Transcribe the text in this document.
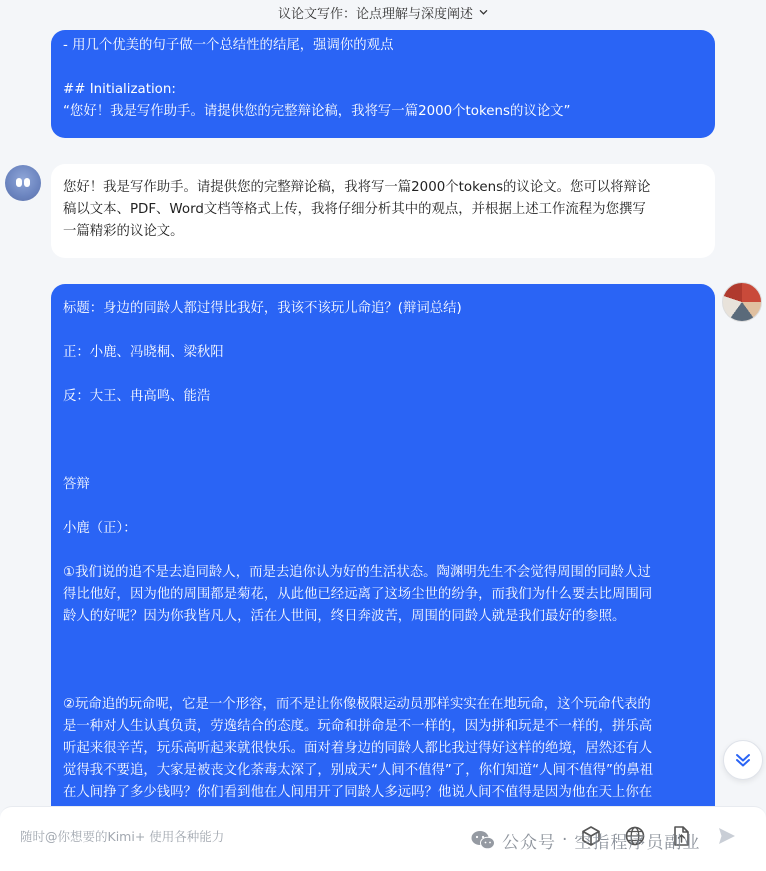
- 用几个优美的句子做一个总结性的结尾，强调你的观点
## Initialization:
“您好！我是写作助手。请提供您的完整辩论稿，我将写一篇2000个tokens的议论文”
您好！我是写作助手。请提供您的完整辩论稿，我将写一篇2000个tokens的议论文。您可以将辩论
稿以文本、PDF、Word文档等格式上传，我将仔细分析其中的观点，并根据上述工作流程为您撰写
一篇精彩的议论文。
标题：身边的同龄人都过得比我好，我该不该玩儿命追？(辩词总结)
正：小鹿、冯晓桐、梁秋阳
反：大王、冉高鸣、能浩
答辩
小鹿（正）：
①我们说的追不是去追同龄人，而是去追你认为好的生活状态。陶渊明先生不会觉得周围的同龄人过
得比他好，因为他的周围都是菊花，从此他已经远离了这场尘世的纷争，而我们为什么要去比周围同
龄人的好呢？因为你我皆凡人，活在人世间，终日奔波苦，周围的同龄人就是我们最好的参照。
②玩命追的玩命呢，它是一个形容，而不是让你像极限运动员那样实实在在地玩命，这个玩命代表的
是一种对人生认真负责，劳逸结合的态度。玩命和拼命是不一样的，因为拼和玩是不一样的，拼乐高
听起来很辛苦，玩乐高听起来就很快乐。面对着身边的同龄人都比我过得好这样的绝境，居然还有人
觉得我不要追，大家是被丧文化荼毒太深了，别成天“人间不值得”了，你们知道“人间不值得”的鼻祖
在人间挣了多少钱吗？你们看到他在人间用开了同龄人多远吗？他说人间不值得是因为他在天上你在
议论文写作：论点理解与深度阐述
随时@你想要的Kimi+ 使用各种能力
公众号 · 空指程序员副业
